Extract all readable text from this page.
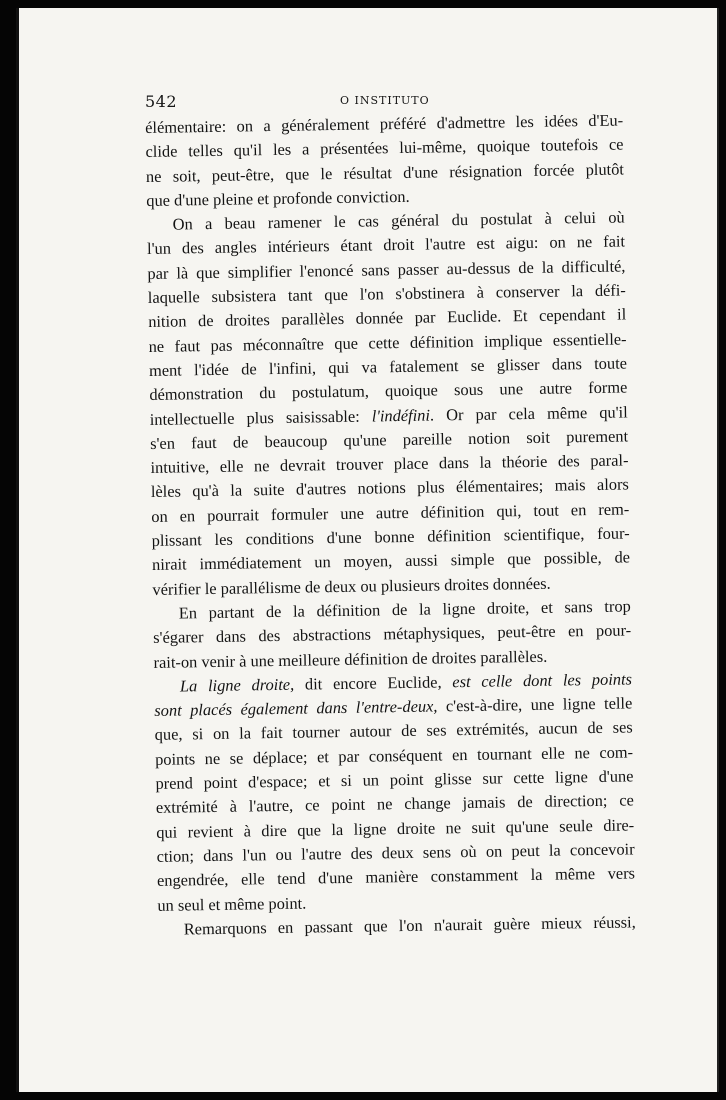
542	O INSTITUTO
élémentaire: on a généralement préféré d'admettre les idées d'Eu-
clide telles qu'il les a présentées lui-même, quoique toutefois ce
ne soit, peut-être, que le résultat d'une résignation forcée plutôt
que d'une pleine et profonde conviction.
On a beau ramener le cas général du postulat à celui où
l'un des angles intérieurs étant droit l'autre est aigu: on ne fait
par là que simplifier l'enoncé sans passer au-dessus de la difficulté,
laquelle subsistera tant que l'on s'obstinera à conserver la défi-
nition de droites parallèles donnée par Euclide. Et cependant il
ne faut pas méconnaître que cette définition implique essentielle-
ment l'idée de l'infini, qui va fatalement se glisser dans toute
démonstration du postulatum, quoique sous une autre forme
intellectuelle plus saisissable: l'indéfini. Or par cela même qu'il
s'en faut de beaucoup qu'une pareille notion soit purement
intuitive, elle ne devrait trouver place dans la théorie des paral-
lèles qu'à la suite d'autres notions plus élémentaires; mais alors
on en pourrait formuler une autre définition qui, tout en rem-
plissant les conditions d'une bonne définition scientifique, four-
nirait immédiatement un moyen, aussi simple que possible, de
vérifier le parallélisme de deux ou plusieurs droites données.
En partant de la définition de la ligne droite, et sans trop
s'égarer dans des abstractions métaphysiques, peut-être en pour-
rait-on venir à une meilleure définition de droites parallèles.
La ligne droite, dit encore Euclide, est celle dont les points
sont placés également dans l'entre-deux, c'est-à-dire, une ligne telle
que, si on la fait tourner autour de ses extrémités, aucun de ses
points ne se déplace; et par conséquent en tournant elle ne com-
prend point d'espace; et si un point glisse sur cette ligne d'une
extrémité à l'autre, ce point ne change jamais de direction; ce
qui revient à dire que la ligne droite ne suit qu'une seule dire-
ction; dans l'un ou l'autre des deux sens où on peut la concevoir
engendrée, elle tend d'une manière constamment la même vers
un seul et même point.
Remarquons en passant que l'on n'aurait guère mieux réussi,
